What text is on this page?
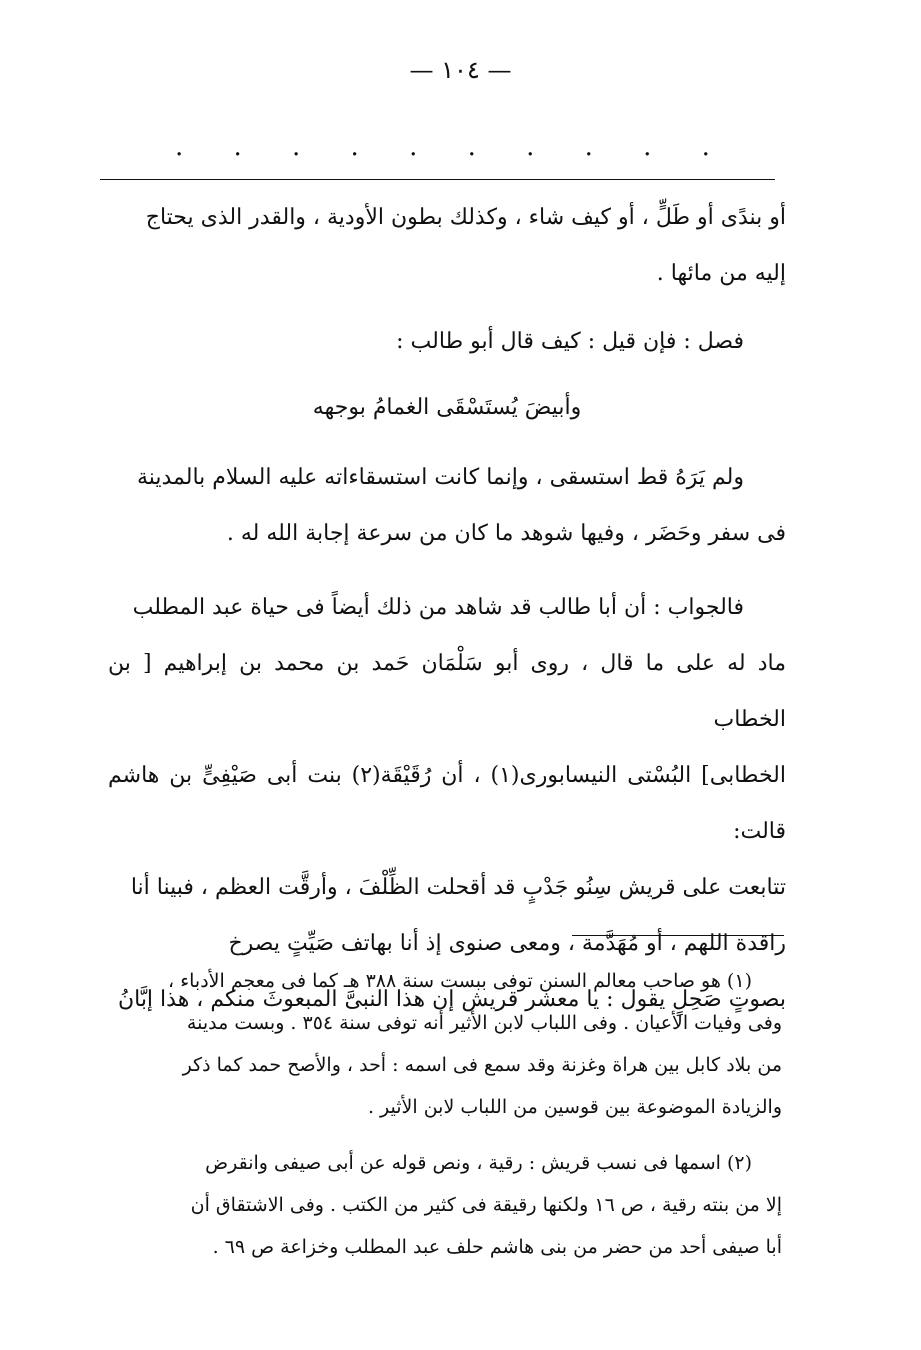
— ١٠٤ —
. . . . . . . . . .

أو بندًى أو طَلٍّ ، أو كيف شاء ، وكذلك بطون الأودية ، والقدر الذى يحتاج

إليه من مائها .

فصل : فإن قيل : كيف قال أبو طالب :

وأبيضَ يُستَسْقَى الغمامُ بوجهه

ولم يَرَهُ قط استسقى ، وإنما كانت استسقاءاته عليه السلام بالمدينة

فى سفر وحَضَر ، وفيها شوهد ما كان من سرعة إجابة الله له .

فالجواب : أن أبا طالب قد شاهد من ذلك أيضاً فى حياة عبد المطلب

ماد له على ما قال ، روى أبو سَلْمَان حَمد بن محمد بن إبراهيم [ بن الخطاب

الخطابى] البُسْتى النيسابورى(١) ، أن رُقَيْقَة(٢) بنت أبى صَيْفِىٍّ بن هاشم قالت:

تتابعت على قريش سِنُو جَدْبٍ قد أقحلت الظِّلْفَ ، وأرقَّت العظم ، فبينا أنا

راقدة اللهم ، أو مُهَدَّمة ، ومعى صنوى إذ أنا بهاتف صَيِّتٍ يصرخ

بصوتٍ صَحِلٍ يقول : يا معشر قريش إن هذا النبىَّ المبعوثَ منكم ، هذا إبَّانُ

(١) هو صاحب معالم السنن توفى ببست سنة ٣٨٨ هـ كما فى معجم الأدباء ،

وفى وفيات الأعيان . وفى اللباب لابن الأثير أنه توفى سنة ٣٥٤ . وبست مدينة

من بلاد كابل بين هراة وغزنة وقد سمع فى اسمه : أحد ، والأصح حمد كما ذكر

والزيادة الموضوعة بين قوسين من اللباب لابن الأثير .

(٢) اسمها فى نسب قريش : رقية ، ونص قوله عن أبى صيفى وانقرض

إلا من بنته رقية ، ص ١٦ ولكنها رقيقة فى كثير من الكتب . وفى الاشتقاق أن

أبا صيفى أحد من حضر من بنى هاشم حلف عبد المطلب وخزاعة ص ٦٩ .
